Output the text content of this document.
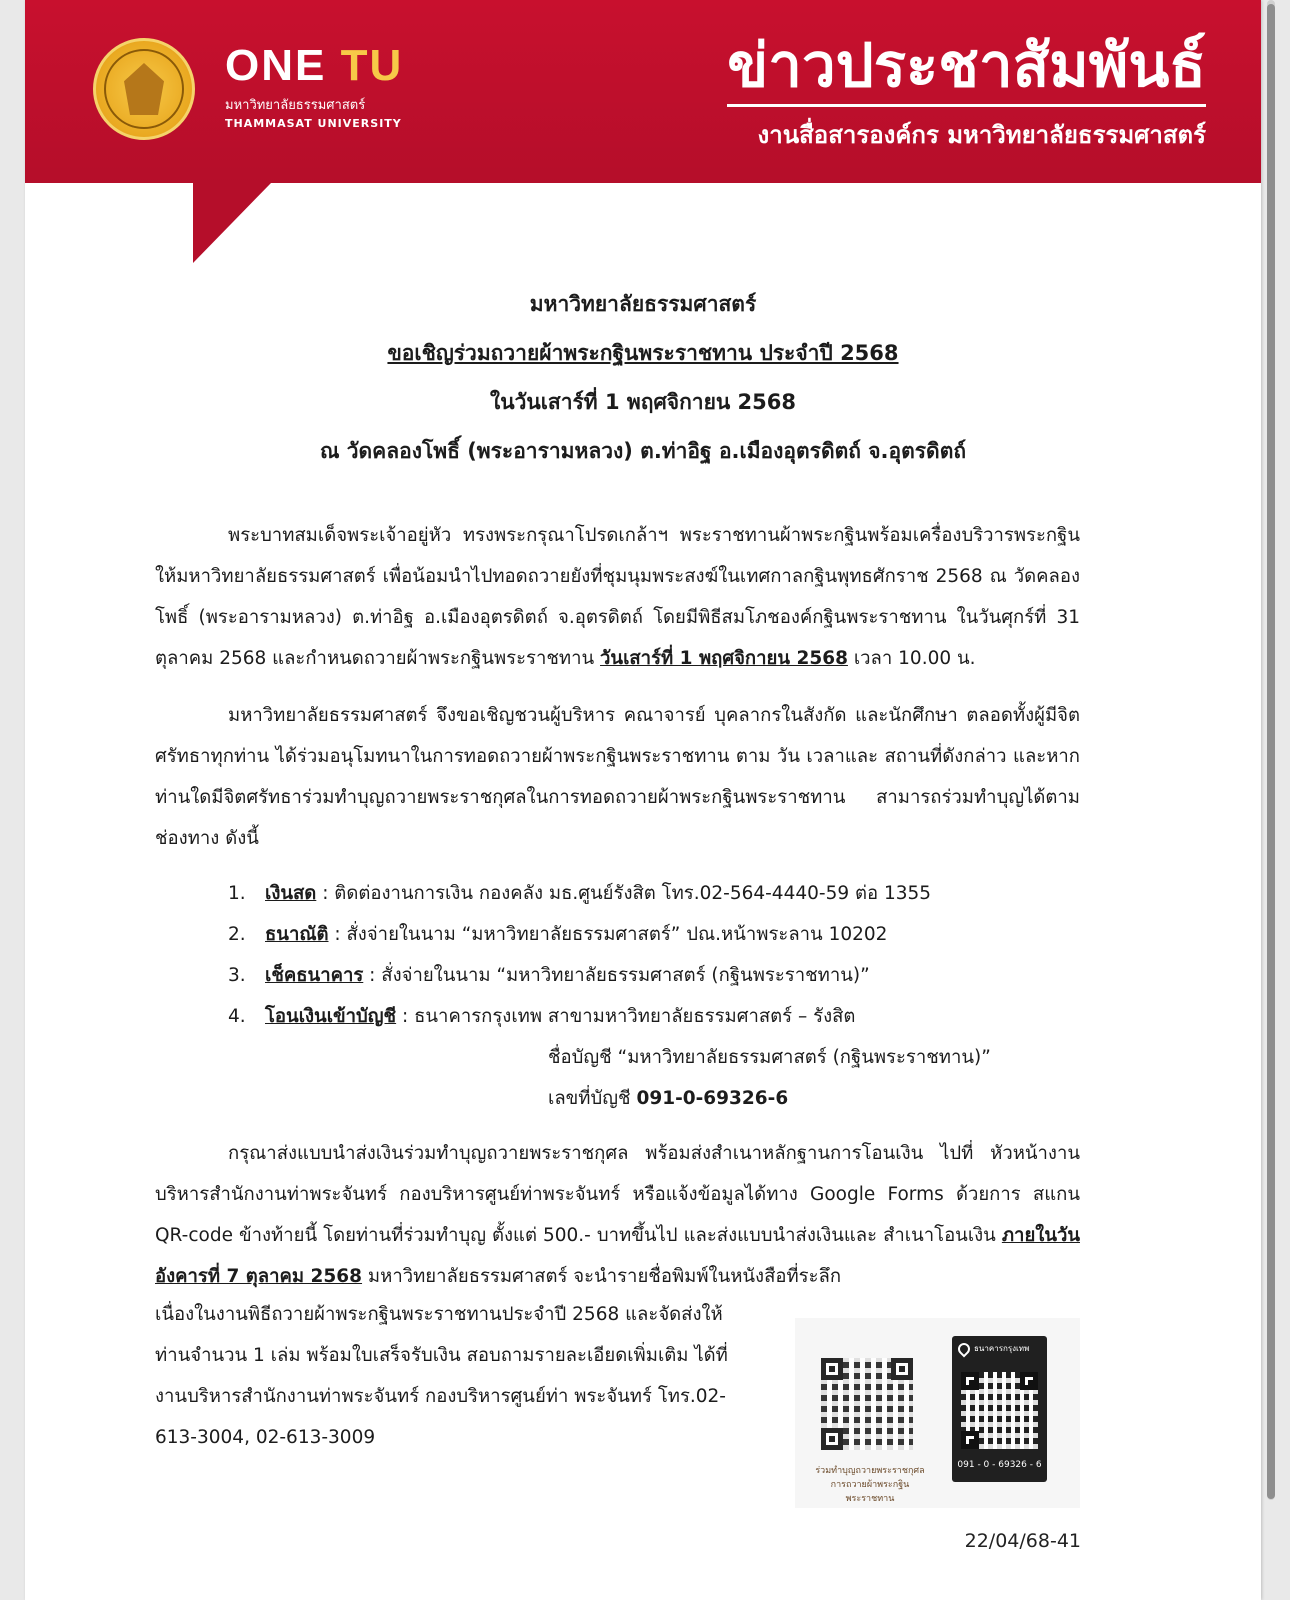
ONE TU
มหาวิทยาลัยธรรมศาสตร์
THAMMASAT UNIVERSITY
ข่าวประชาสัมพันธ์
งานสื่อสารองค์กร มหาวิทยาลัยธรรมศาสตร์
มหาวิทยาลัยธรรมศาสตร์
ขอเชิญร่วมถวายผ้าพระกฐินพระราชทาน ประจำปี 2568
ในวันเสาร์ที่ 1 พฤศจิกายน 2568
ณ วัดคลองโพธิ์ (พระอารามหลวง) ต.ท่าอิฐ อ.เมืองอุตรดิตถ์ จ.อุตรดิตถ์
พระบาทสมเด็จพระเจ้าอยู่หัว ทรงพระกรุณาโปรดเกล้าฯ พระราชทานผ้าพระกฐินพร้อมเครื่องบริวารพระกฐิน ให้มหาวิทยาลัยธรรมศาสตร์ เพื่อน้อมนำไปทอดถวายยังที่ชุมนุมพระสงฆ์ในเทศกาลกฐินพุทธศักราช 2568 ณ วัดคลองโพธิ์ (พระอารามหลวง) ต.ท่าอิฐ อ.เมืองอุตรดิตถ์ จ.อุตรดิตถ์ โดยมีพิธีสมโภชองค์กฐินพระราชทาน ในวันศุกร์ที่ 31 ตุลาคม 2568 และกำหนดถวายผ้าพระกฐินพระราชทาน วันเสาร์ที่ 1 พฤศจิกายน 2568 เวลา 10.00 น.
มหาวิทยาลัยธรรมศาสตร์ จึงขอเชิญชวนผู้บริหาร คณาจารย์ บุคลากรในสังกัด และนักศึกษา ตลอดทั้งผู้มีจิตศรัทธาทุกท่าน ได้ร่วมอนุโมทนาในการทอดถวายผ้าพระกฐินพระราชทาน ตาม วัน เวลาและ สถานที่ดังกล่าว และหากท่านใดมีจิตศรัทธาร่วมทำบุญถวายพระราชกุศลในการทอดถวายผ้าพระกฐินพระราชทาน สามารถร่วมทำบุญได้ตามช่องทาง ดังนี้
1. เงินสด : ติดต่องานการเงิน กองคลัง มธ.ศูนย์รังสิต โทร.02-564-4440-59 ต่อ 1355
2. ธนาณัติ : สั่งจ่ายในนาม “มหาวิทยาลัยธรรมศาสตร์” ปณ.หน้าพระลาน 10202
3. เช็คธนาคาร : สั่งจ่ายในนาม “มหาวิทยาลัยธรรมศาสตร์ (กฐินพระราชทาน)”
4. โอนเงินเข้าบัญชี : ธนาคารกรุงเทพ สาขามหาวิทยาลัยธรรมศาสตร์ – รังสิต
ชื่อบัญชี “มหาวิทยาลัยธรรมศาสตร์ (กฐินพระราชทาน)”
เลขที่บัญชี 091-0-69326-6
กรุณาส่งแบบนำส่งเงินร่วมทำบุญถวายพระราชกุศล พร้อมส่งสำเนาหลักฐานการโอนเงิน ไปที่ หัวหน้างานบริหารสำนักงานท่าพระจันทร์ กองบริหารศูนย์ท่าพระจันทร์ หรือแจ้งข้อมูลได้ทาง Google Forms ด้วยการ สแกน QR-code ข้างท้ายนี้ โดยท่านที่ร่วมทำบุญ ตั้งแต่ 500.- บาทขึ้นไป และส่งแบบนำส่งเงินและ สำเนาโอนเงิน ภายในวันอังคารที่ 7 ตุลาคม 2568 มหาวิทยาลัยธรรมศาสตร์ จะนำรายชื่อพิมพ์ในหนังสือที่ระลึก
เนื่องในงานพิธีถวายผ้าพระกฐินพระราชทานประจำปี 2568 และจัดส่งให้ ท่านจำนวน 1 เล่ม พร้อมใบเสร็จรับเงิน สอบถามรายละเอียดเพิ่มเติม ได้ที่ งานบริหารสำนักงานท่าพระจันทร์ กองบริหารศูนย์ท่า พระจันทร์ โทร.02-613-3004, 02-613-3009
ร่วมทำบุญถวายพระราชกุศล การถวายผ้าพระกฐินพระราชทาน
ธนาคารกรุงเทพ
091 - 0 - 69326 - 6
22/04/68-41
